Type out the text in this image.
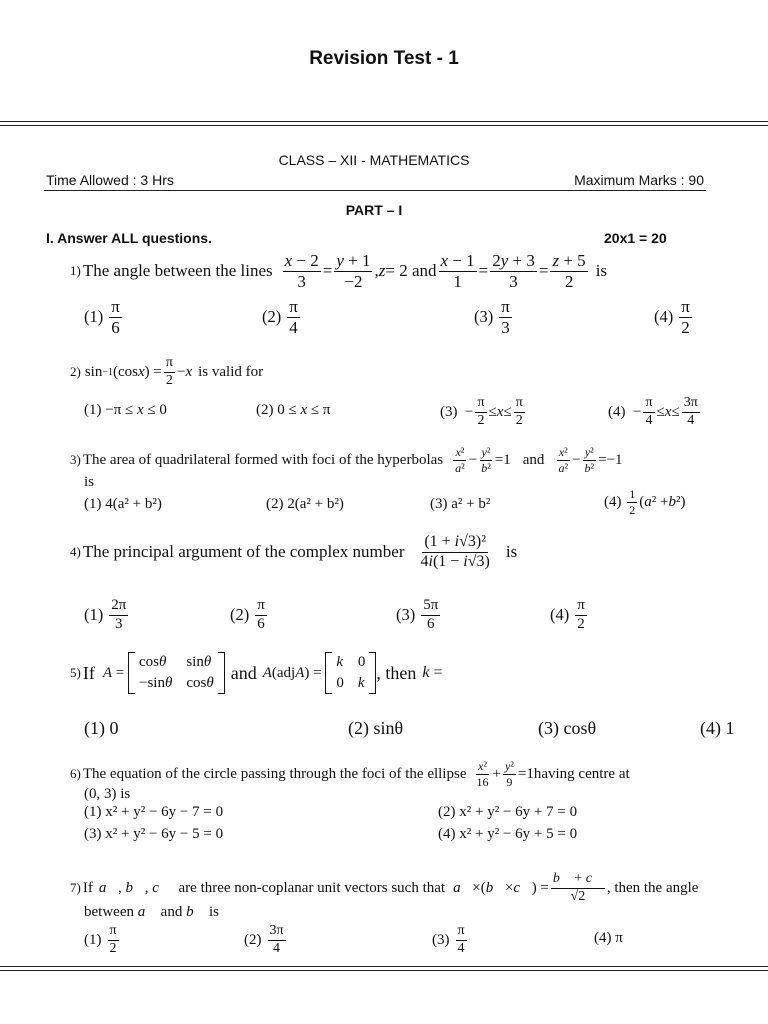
Revision Test - 1
CLASS – XII - MATHEMATICS
Time Allowed : 3 Hrs	Maximum Marks : 90
PART – I
I. Answer ALL questions.	20x1 = 20
1) The angle between the lines
x − 2
3
=
y + 1
−2
, z = 2 and
x − 1
1
=
2y + 3
3
=
z + 5
2
is
(1)
π
6
(2)
π
4
(3)
π
3
(4)
π
2
2) sin −1 (cos x ) =
π
2
− x is valid for
(1) −π ≤ x ≤ 0	(2) 0 ≤ x ≤ π	(3) −
π
2
≤ x ≤
π
2
(4) −
π
4
≤ x ≤
3π
4
3) The area of quadrilateral formed with foci of the hyperbolas x²
a² − y²
b² =1 and x²
a² − y²
b² =−1
is
(1) 4(a² + b²)	(2) 2(a² + b²)	(3) a² + b²	(4)
1
2 ( a ² + b ²)
4) The principal argument of the complex number $\frac{\text{(1 + i√3)²}}{4i(1 - i√3)}$ is
(1)
2π
3	(2)
π
6	(3)
5π
6	(4)
π
2
5) If A =
cosθ	sinθ
−sinθ cosθ
and A (adj A ) =
k 0
0 k
, then k =
(1) 0	(2) sinθ	(3) cosθ	(4) 1
6) The equation of the circle passing through the foci of the ellipse x²
16 + y²
9 =1 having centre at
(0, 3) is
(1) x² + y² − 6y − 7 = 0	(2) x² + y² − 6y + 7 = 0
(3) x² + y² − 6y − 5 = 0	(4) x² + y² − 6y + 5 = 0
7) If a⃗, b⃗, c⃗ are three non-coplanar unit vectors such that a⃗ ×( b⃗ × c⃗ ) =
b⃗ + c⃗
√2
, then the angle
between a⃗ and b⃗ is
(1)
π
2
(2)
3π
4
(3)
π
4
(4) π
